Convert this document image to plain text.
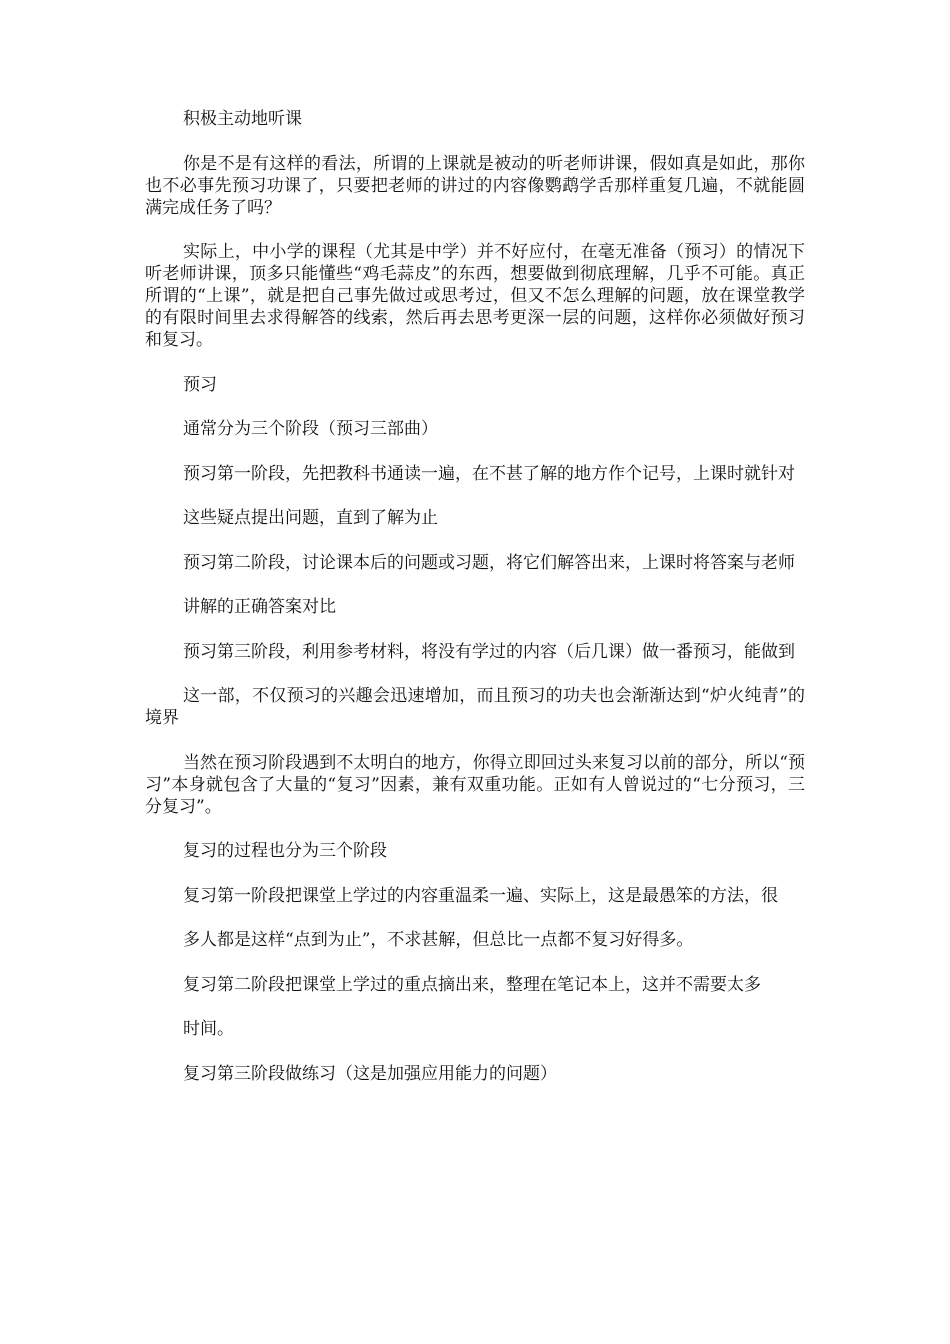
积极主动地听课

你是不是有这样的看法，所谓的上课就是被动的听老师讲课，假如真是如此，那你也不必事先预习功课了，只要把老师的讲过的内容像鹦鹉学舌那样重复几遍，不就能圆满完成任务了吗？

实际上，中小学的课程（尤其是中学）并不好应付，在毫无准备（预习）的情况下听老师讲课，顶多只能懂些“鸡毛蒜皮”的东西，想要做到彻底理解，几乎不可能。真正所谓的“上课”，就是把自己事先做过或思考过，但又不怎么理解的问题，放在课堂教学的有限时间里去求得解答的线索，然后再去思考更深一层的问题，这样你必须做好预习和复习。

预习

通常分为三个阶段（预习三部曲）

预习第一阶段，先把教科书通读一遍，在不甚了解的地方作个记号，上课时就针对

这些疑点提出问题，直到了解为止

预习第二阶段，讨论课本后的问题或习题，将它们解答出来，上课时将答案与老师

讲解的正确答案对比

预习第三阶段，利用参考材料，将没有学过的内容（后几课）做一番预习，能做到

这一部，不仅预习的兴趣会迅速增加，而且预习的功夫也会渐渐达到“炉火纯青”的境界

当然在预习阶段遇到不太明白的地方，你得立即回过头来复习以前的部分，所以“预习”本身就包含了大量的“复习”因素，兼有双重功能。正如有人曾说过的“七分预习，三分复习”。

复习的过程也分为三个阶段

复习第一阶段把课堂上学过的内容重温柔一遍、实际上，这是最愚笨的方法，很

多人都是这样“点到为止”，不求甚解，但总比一点都不复习好得多。

复习第二阶段把课堂上学过的重点摘出来，整理在笔记本上，这并不需要太多

时间。

复习第三阶段做练习（这是加强应用能力的问题）
